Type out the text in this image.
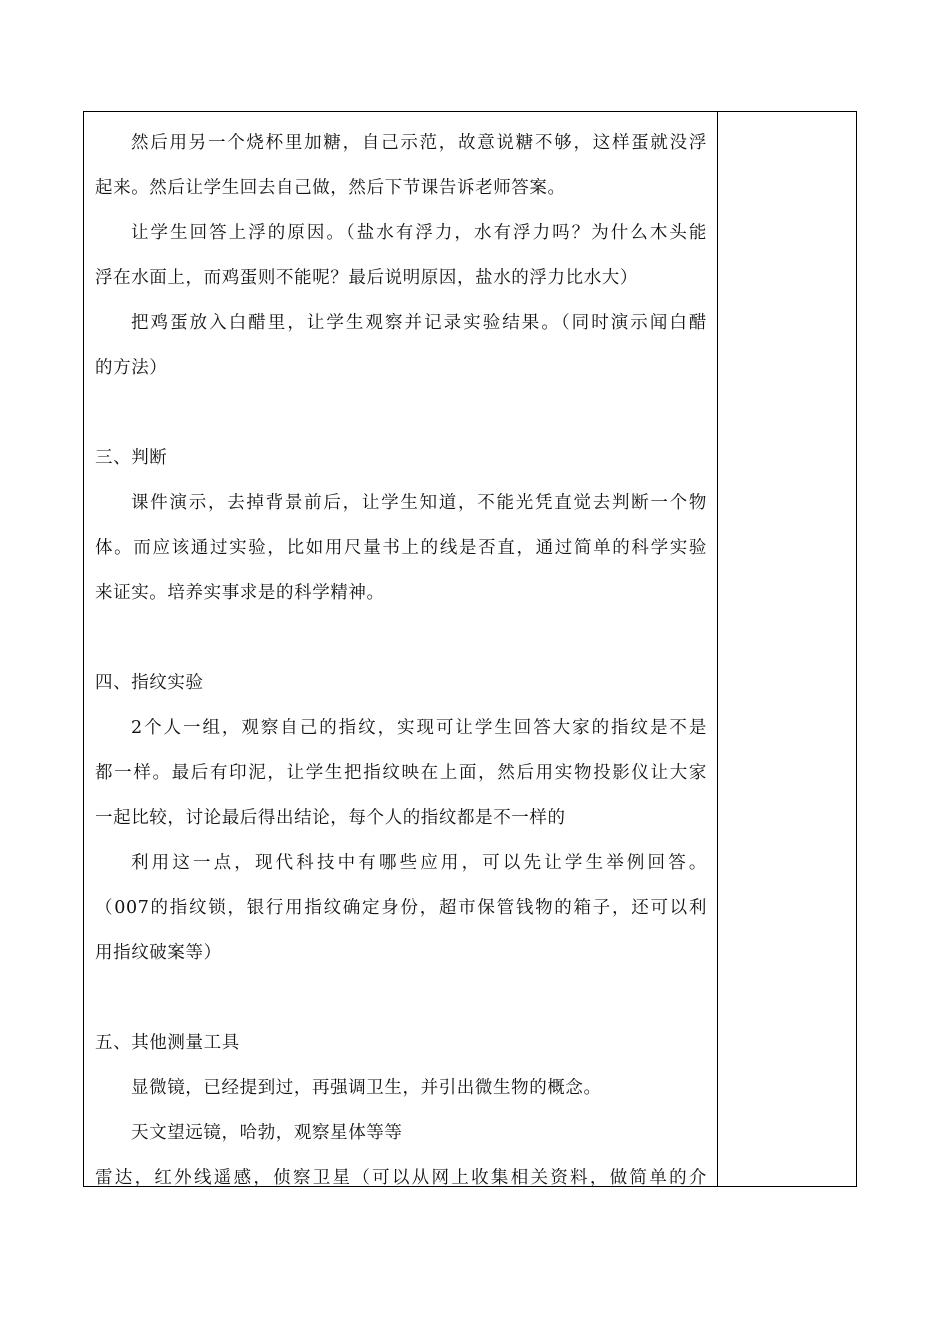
然后用另一个烧杯里加糖，自己示范，故意说糖不够，这样蛋就没浮
起来。然后让学生回去自己做，然后下节课告诉老师答案。
让学生回答上浮的原因。（盐水有浮力，水有浮力吗？为什么木头能
浮在水面上，而鸡蛋则不能呢？最后说明原因，盐水的浮力比水大）
把鸡蛋放入白醋里，让学生观察并记录实验结果。（同时演示闻白醋
的方法）
三、判断
课件演示，去掉背景前后，让学生知道，不能光凭直觉去判断一个物
体。而应该通过实验，比如用尺量书上的线是否直，通过简单的科学实验
来证实。培养实事求是的科学精神。
四、指纹实验
2个人一组，观察自己的指纹，实现可让学生回答大家的指纹是不是
都一样。最后有印泥，让学生把指纹映在上面，然后用实物投影仪让大家
一起比较，讨论最后得出结论，每个人的指纹都是不一样的
利用这一点，现代科技中有哪些应用，可以先让学生举例回答。
（007的指纹锁，银行用指纹确定身份，超市保管钱物的箱子，还可以利
用指纹破案等）
五、其他测量工具
显微镜，已经提到过，再强调卫生，并引出微生物的概念。
天文望远镜，哈勃，观察星体等等
雷达，红外线遥感，侦察卫星（可以从网上收集相关资料，做简单的介
